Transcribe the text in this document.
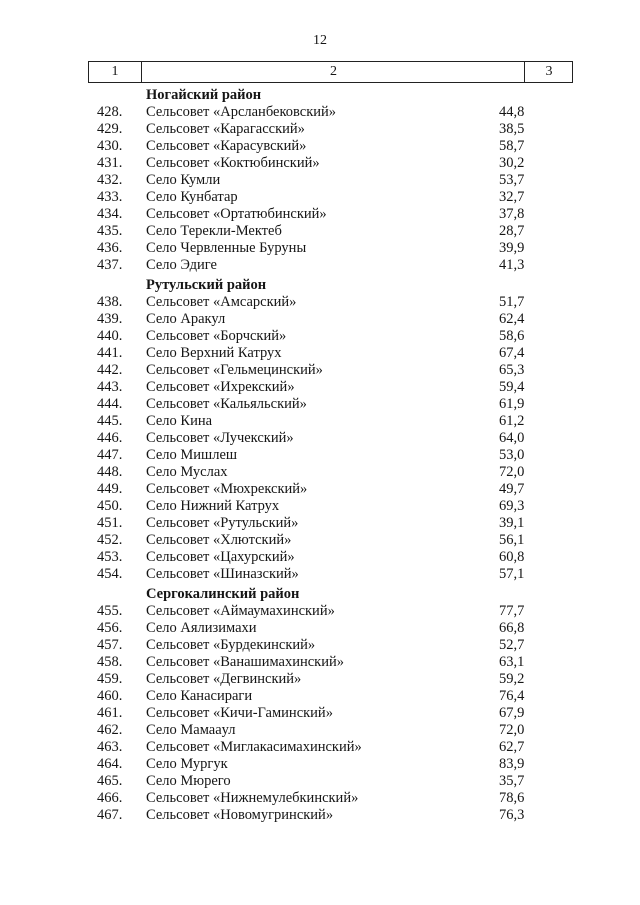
12
1	2	3
Ногайский район
428. Сельсовет «Арсланбековский»	44,8
429. Сельсовет «Карагасский»	38,5
430. Сельсовет «Карасувский»	58,7
431. Сельсовет «Коктюбинский»	30,2
432. Село Кумли	53,7
433. Село Кунбатар	32,7
434. Сельсовет «Ортатюбинский»	37,8
435. Село Терекли-Мектеб	28,7
436. Село Червленные Буруны	39,9
437. Село Эдиге	41,3
Рутульский район
438. Сельсовет «Амсарский»	51,7
439. Село Аракул	62,4
440. Сельсовет «Борчский»	58,6
441. Село Верхний Катрух	67,4
442. Сельсовет «Гельмецинский»	65,3
443. Сельсовет «Ихрекский»	59,4
444. Сельсовет «Кальяльский»	61,9
445. Село Кина	61,2
446. Сельсовет «Лучекский»	64,0
447. Село Мишлеш	53,0
448. Село Муслах	72,0
449. Сельсовет «Мюхрекский»	49,7
450. Село Нижний Катрух	69,3
451. Сельсовет «Рутульский»	39,1
452. Сельсовет «Хлютский»	56,1
453. Сельсовет «Цахурский»	60,8
454. Сельсовет «Шиназский»	57,1
Сергокалинский район
455. Сельсовет «Аймаумахинский»	77,7
456. Село Аялизимахи	66,8
457. Сельсовет «Бурдекинский»	52,7
458. Сельсовет «Ванашимахинский»	63,1
459. Сельсовет «Дегвинский»	59,2
460. Село Канасираги	76,4
461. Сельсовет «Кичи-Гаминский»	67,9
462. Село Мамаaул	72,0
463. Сельсовет «Миглакасимахинский»	62,7
464. Село Мургук	83,9
465. Село Мюрего	35,7
466. Сельсовет «Нижнемулебкинский»	78,6
467. Сельсовет «Новомугринский»	76,3
